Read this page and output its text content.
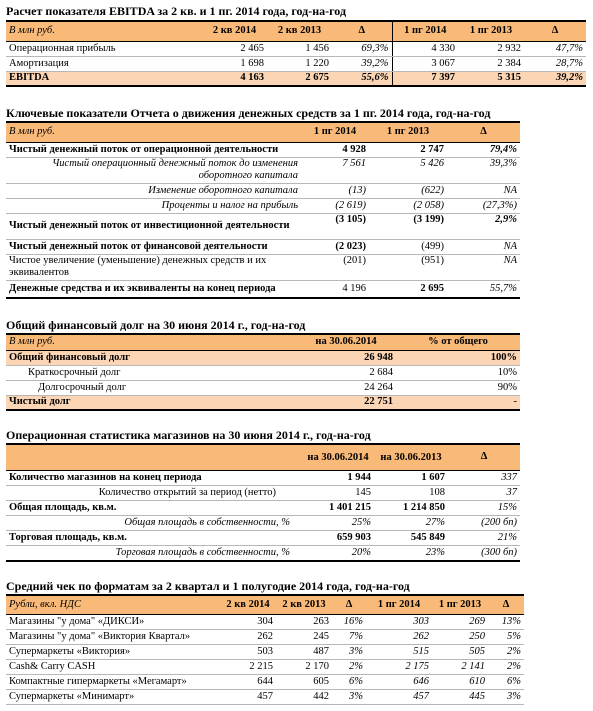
Расчет показателя EBITDA за 2 кв. и 1 пг. 2014 года, год-на-год
В млн руб.	2 кв 2014	2 кв 2013	Δ	1 пг 2014	1 пг 2013	Δ
Операционная прибыль	2 465	1 456	69,3%	4 330	2 932	47,7%
Амортизация	1 698	1 220	39,2%	3 067	2 384	28,7%
EBITDA	4 163	2 675	55,6%	7 397	5 315	39,2%
Ключевые показатели Отчета о движения денежных средств за 1 пг. 2014 года, год-на-год
В млн руб.	1 пг 2014	1 пг 2013	Δ
Чистый денежный поток от операционной деятельности	4 928	2 747	79,4%
Чистый операционный денежный поток до изменения оборотного капитала	7 561	5 426	39,3%
Изменение оборотного капитала	(13)	(622)	NA
Проценты и налог на прибыль	(2 619)	(2 058)	(27,3%)
Чистый денежный поток от инвестиционной деятельности	(3 105)	(3 199)	2,9%
Чистый денежный поток от финансовой деятельности	(2 023)	(499)	NA
Чистое увеличение (уменьшение) денежных средств и их эквивалентов	(201)	(951)	NA
Денежные средства и их эквиваленты на конец периода	4 196	2 695	55,7%
Общий финансовый долг на 30 июня 2014 г., год-на-год
В млн руб.	на 30.06.2014	% от общего
Общий финансовый долг	26 948	100%
Краткосрочный долг	2 684	10%
Долгосрочный долг	24 264	90%
Чистый долг	22 751	-
Операционная статистика магазинов на 30 июня 2014 г., год-на-год
	на 30.06.2014	на 30.06.2013	Δ
Количество магазинов на конец периода	1 944	1 607	337
Количество открытий за период (нетто)	145	108	37
Общая площадь, кв.м.	1 401 215	1 214 850	15%
Общая площадь в собственности, %	25%	27%	(200 бп)
Торговая площадь, кв.м.	659 903	545 849	21%
Торговая площадь в собственности, %	20%	23%	(300 бп)
Средний чек по форматам за 2 квартал и 1 полугодие 2014 года, год-на-год
Рубли, вкл. НДС	2 кв 2014	2 кв 2013	Δ	1 пг 2014	1 пг 2013	Δ
Магазины "у дома" «ДИКСИ»	304	263	16%	303	269	13%
Магазины "у дома" «Виктория Квартал»	262	245	7%	262	250	5%
Супермаркеты «Виктория»	503	487	3%	515	505	2%
Cash& Carry CASH	2 215	2 170	2%	2 175	2 141	2%
Компактные гипермаркеты «Мегамарт»	644	605	6%	646	610	6%
Супермаркеты «Минимарт»	457	442	3%	457	445	3%
